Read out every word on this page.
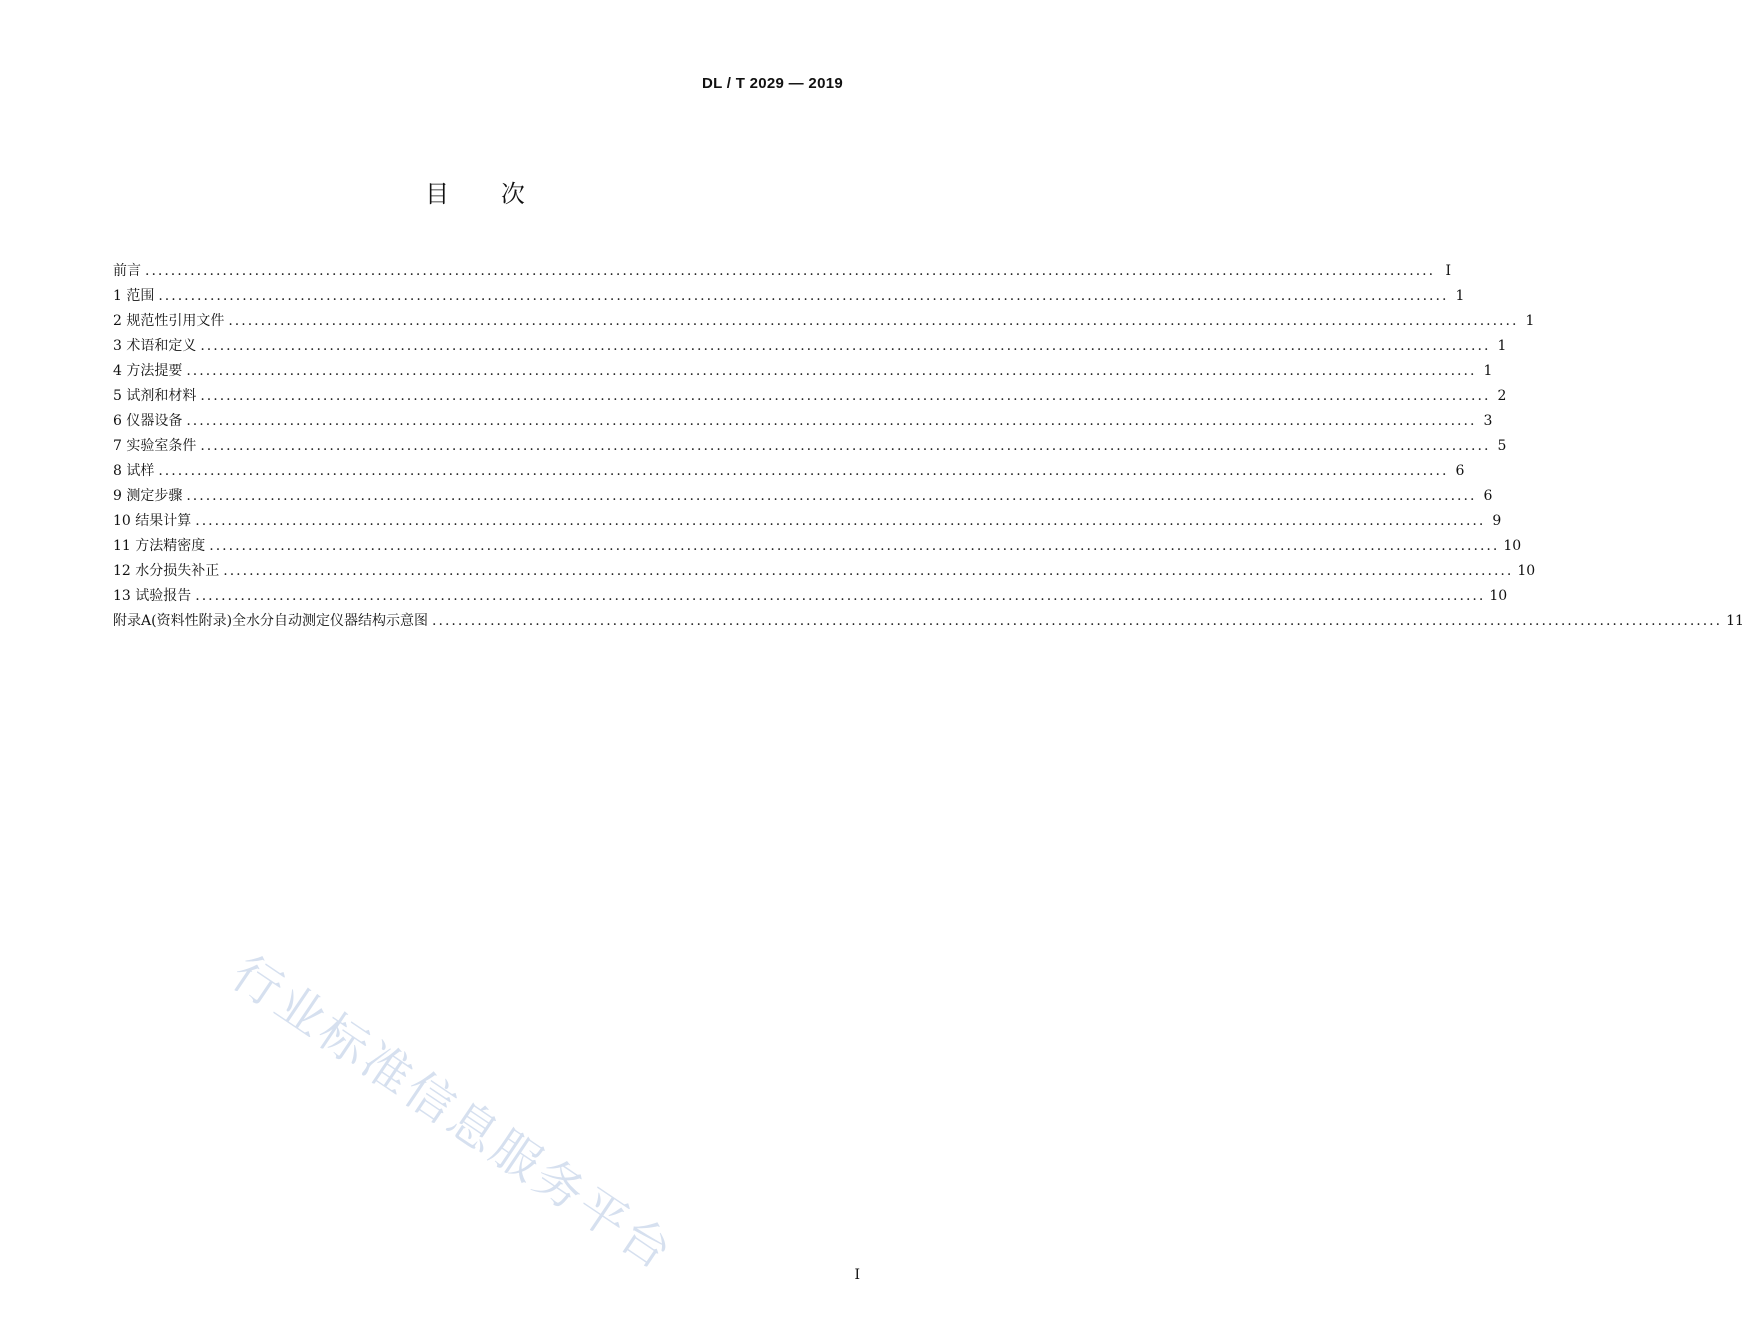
DL / T 2029 — 2019
目 次
前言 ........................................................................................................................................................................................................ I
1 范围 ........................................................................................................................................................................................................ 1
2 规范性引用文件 ........................................................................................................................................................................................................ 1
3 术语和定义 ........................................................................................................................................................................................................ 1
4 方法提要 ........................................................................................................................................................................................................ 1
5 试剂和材料 ........................................................................................................................................................................................................ 2
6 仪器设备 ........................................................................................................................................................................................................ 3
7 实验室条件 ........................................................................................................................................................................................................ 5
8 试样 ........................................................................................................................................................................................................ 6
9 测定步骤 ........................................................................................................................................................................................................ 6
10 结果计算 ........................................................................................................................................................................................................ 9
11 方法精密度 ........................................................................................................................................................................................................ 10
12 水分损失补正 ........................................................................................................................................................................................................ 10
13 试验报告 ........................................................................................................................................................................................................ 10
附录A(资料性附录)全水分自动测定仪器结构示意图 ........................................................................................................................................................................................................ 11
行业标准信息服务平台	I
